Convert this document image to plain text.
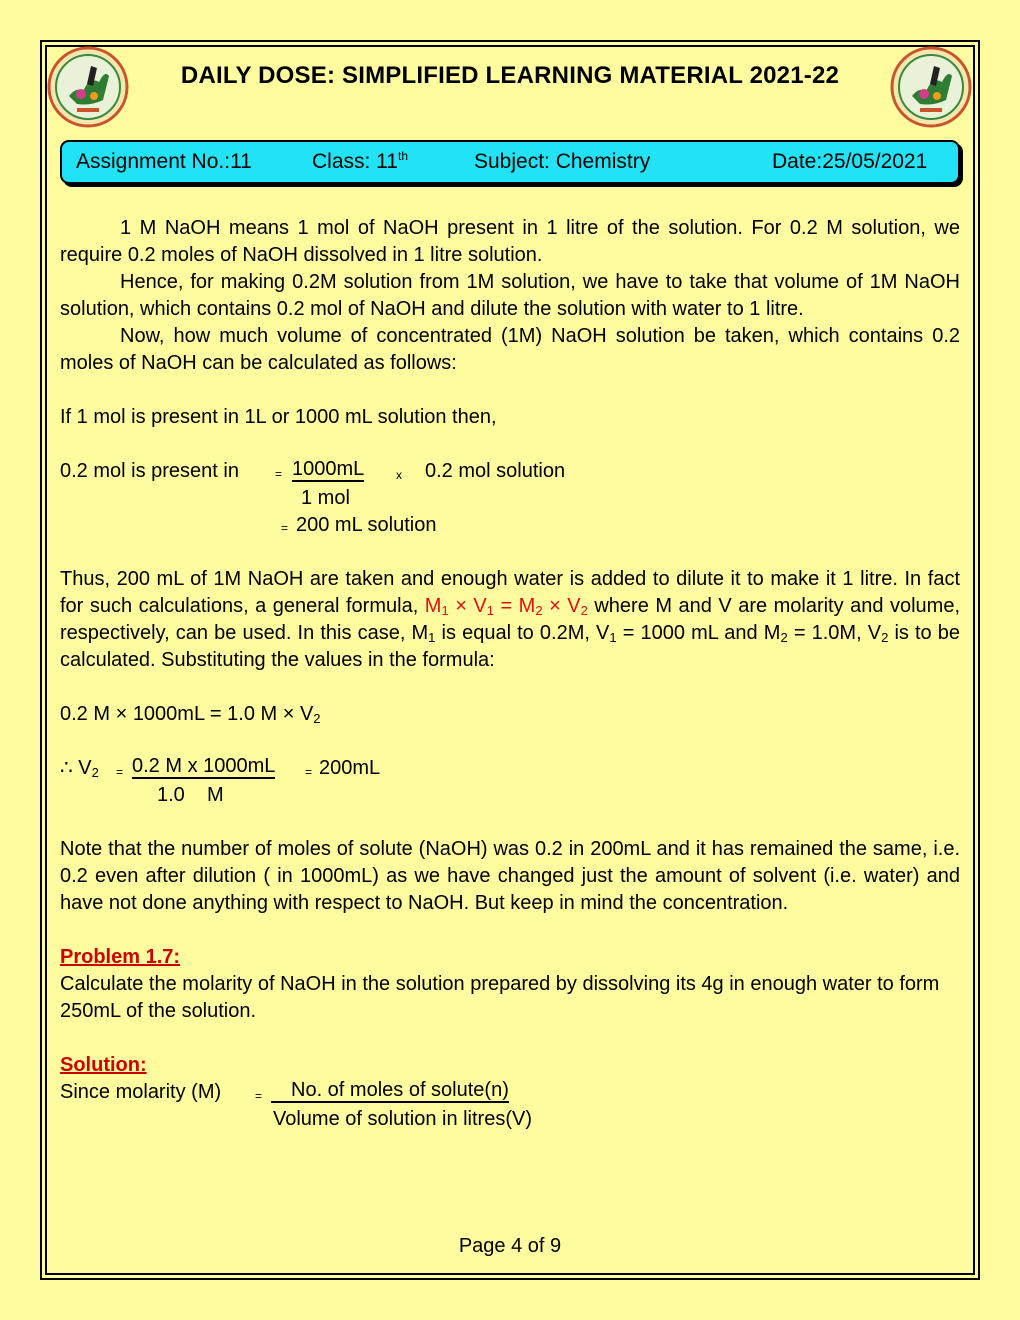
DAILY DOSE: SIMPLIFIED LEARNING MATERIAL 2021-22
Assignment No.:11	Class: 11th	Subject: Chemistry	Date:25/05/2021

1 M NaOH means 1 mol of NaOH present in 1 litre of the solution. For 0.2 M solution, we require 0.2 moles of NaOH dissolved in 1 litre solution.

Hence, for making 0.2M solution from 1M solution, we have to take that volume of 1M NaOH solution, which contains 0.2 mol of NaOH and dilute the solution with water to 1 litre.

Now, how much volume of concentrated (1M) NaOH solution be taken, which contains 0.2 moles of NaOH can be calculated as follows:

If 1 mol is present in 1L or 1000 mL solution then,

0.2 mol is present in	= 1000mL	x 0.2 mol solution
1 mol
= 200 mL solution

Thus, 200 mL of 1M NaOH are taken and enough water is added to dilute it to make it 1 litre. In fact for such calculations, a general formula, $M_1 \times V_1 = M_2 \times V_2$ where M and V are molarity and volume, respectively, can be used. In this case, $M_1$ is equal to 0.2M, $V_1 = 1000$ mL and $M_2 = 1.0M$, $V_2$ is to be calculated. Substituting the values in the formula:

0.2 M × 1000mL = 1.0 $M \times V_2$

∴ $V_2 = 0.2$ M x 1000mL = 200mL
1.0    M

Note that the number of moles of solute (NaOH) was 0.2 in 200mL and it has remained the same, i.e. 0.2 even after dilution ( in 1000mL) as we have changed just the amount of solvent (i.e. water) and have not done anything with respect to NaOH. But keep in mind the concentration.

Problem 1.7:

Calculate the molarity of NaOH in the solution prepared by dissolving its 4g in enough water to form 250mL of the solution.

Solution:

Since molarity (M)	=	No. of moles of solute(n)
Volume of solution in litres(V)
Page 4 of 9
